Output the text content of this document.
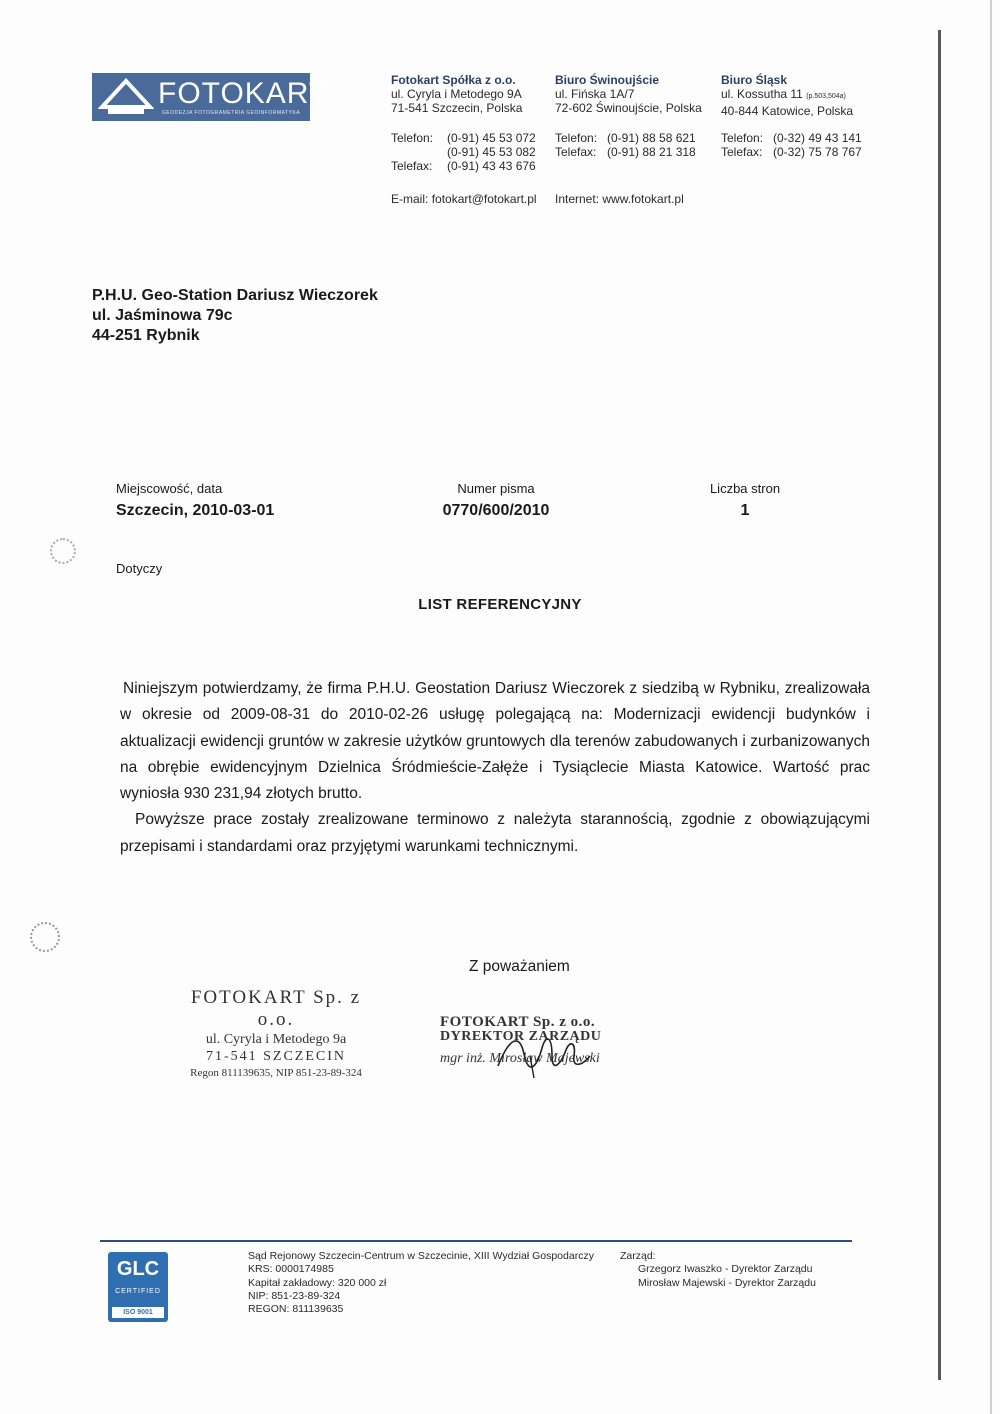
FOTOKART
GEODEZJA FOTOGRAMETRIA GEOINFORMATYKA
Fotokart Spółka z o.o.
ul. Cyryla i Metodego 9A
71-541 Szczecin, Polska
Telefon: (0-91) 45 53 072
(0-91) 45 53 082
Telefax: (0-91) 43 43 676
E-mail: fotokart@fotokart.pl
Biuro Świnoujście
ul. Fińska 1A/7
72-602 Świnoujście, Polska
Telefon: (0-91) 88 58 621
Telefax: (0-91) 88 21 318
Internet: www.fotokart.pl
Biuro Śląsk
ul. Kossutha 11 (p.503,504a)
40-844 Katowice, Polska
Telefon: (0-32) 49 43 141
Telefax: (0-32) 75 78 767
P.H.U. Geo-Station Dariusz Wieczorek
ul. Jaśminowa 79c
44-251 Rybnik
Miejscowość, data
Szczecin, 2010-03-01
Numer pisma
0770/600/2010
Liczba stron
1
Dotyczy
LIST REFERENCYJNY

Niniejszym potwierdzamy, że firma P.H.U. Geostation Dariusz Wieczorek z siedzibą w Rybniku, zrealizowała w okresie od 2009-08-31 do 2010-02-26 usługę polegającą na: Modernizacji ewidencji budynków i aktualizacji ewidencji gruntów w zakresie użytków gruntowych dla terenów zabudowanych i zurbanizowanych na obrębie ewidencyjnym Dzielnica Śródmieście-Załęże i Tysiąclecie Miasta Katowice. Wartość prac wyniosła 930 231,94 złotych brutto.

Powyższe prace zostały zrealizowane terminowo z należyta starannością, zgodnie z obowiązującymi przepisami i standardami oraz przyjętymi warunkami technicznymi.

Z poważaniem
FOTOKART Sp. z o.o.
ul. Cyryla i Metodego 9a
71-541 SZCZECIN
Regon 811139635, NIP 851-23-89-324
FOTOKART Sp. z o.o.
DYREKTOR ZARZĄDU
mgr inż. Mirosław Majewski
GLC
CERTIFIED
ISO 9001
Sąd Rejonowy Szczecin-Centrum w Szczecinie, XIII Wydział Gospodarczy
KRS: 0000174985
Kapitał zakładowy: 320 000 zł
NIP: 851-23-89-324
REGON: 811139635
Zarząd:
Grzegorz Iwaszko - Dyrektor Zarządu
Mirosław Majewski - Dyrektor Zarządu
